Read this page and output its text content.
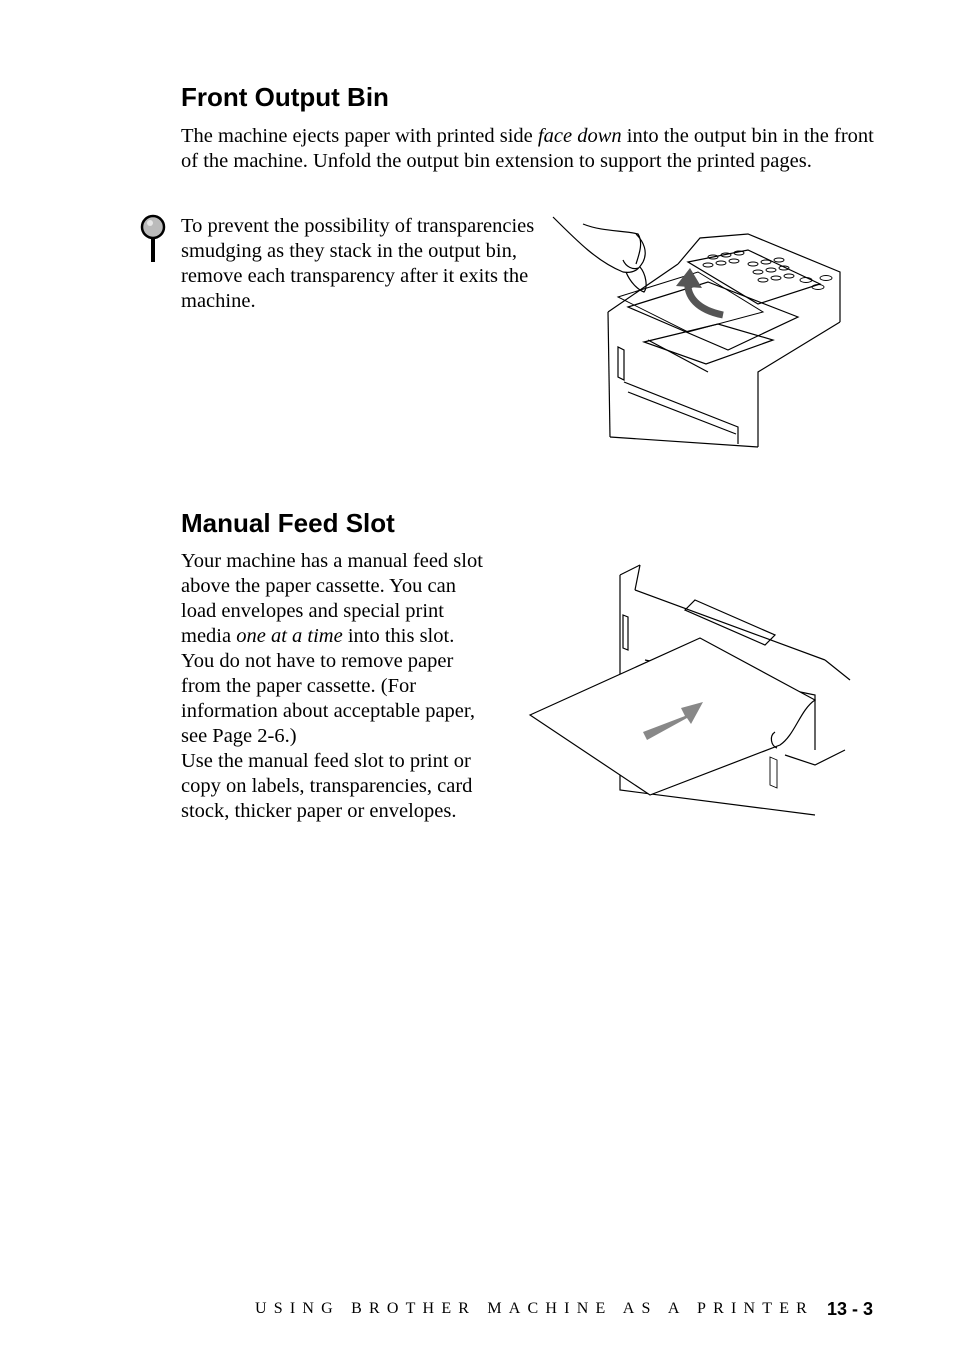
Front Output Bin

The machine ejects paper with printed side face down into the output bin in the front of the machine. Unfold the output bin extension to support the printed pages.

To prevent the possibility of transparencies smudging as they stack in the output bin, remove each transparency after it exits the machine.

Manual Feed Slot

Your machine has a manual feed slot above the paper cassette. You can load envelopes and special print media one at a time into this slot. You do not have to remove paper from the paper cassette. (For information about acceptable paper, see Page 2-6.)

Use the manual feed slot to print or copy on labels, transparencies, card stock, thicker paper or envelopes.

USING BROTHER MACHINE AS A PRINTER 13 - 3
